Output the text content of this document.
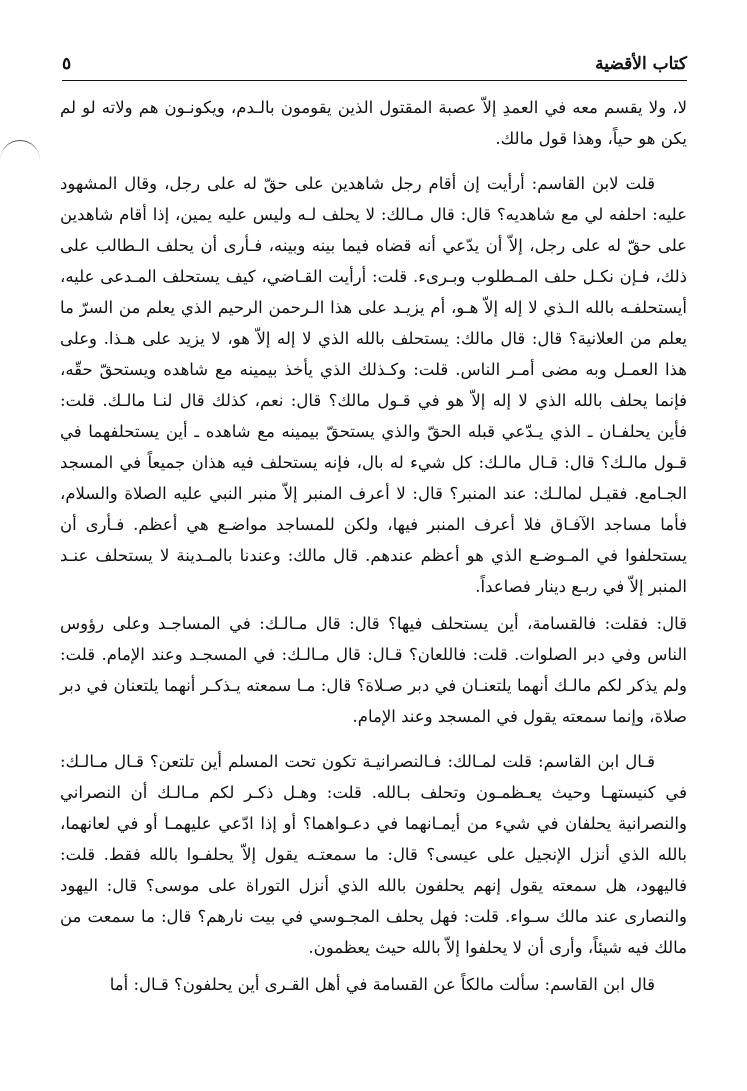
كتاب الأقضية
٥

لا، ولا يقسم معه في العمدِ إلاّ عصبة المقتول الذين يقومون بالـدم، ويكونـون هم ولاته لو لم يكن هو حياً، وهذا قول مالك.

قلت لابن القاسم: أرأيت إن أقام رجل شاهدين على حقّ له على رجل، وقال المشهود عليه: احلفه لي مع شاهديه؟ قال: قال مـالك: لا يحلف لـه وليس عليه يمين، إذا أقام شاهدين على حقّ له على رجل، إلاّ أن يدّعي أنه قضاه فيما بينه وبينه، فـأرى أن يحلف الـطالب على ذلك، فـإن نكـل حلف المـطلوب وبـرىء. قلت: أرأيت القـاضي، كيف يستحلف المـدعى عليه، أيستحلفـه بالله الـذي لا إله إلاّ هـو، أم يزيـد على هذا الـرحمن الرحيم الذي يعلم من السرّ ما يعلم من العلانية؟ قال: قال مالك: يستحلف بالله الذي لا إله إلاّ هو، لا يزيد على هـذا. وعلى هذا العمـل وبه مضى أمـر الناس. قلت: وكـذلك الذي يأخذ بيمينه مع شاهده ويستحقّ حقّه، فإنما يحلف بالله الذي لا إله إلاّ هو في قـول مالك؟ قال: نعم، كذلك قال لنـا مالـك. قلت: فأين يحلفـان ـ الذي يـدّعي قبله الحقّ والذي يستحقّ بيمينه مع شاهده ـ أين يستحلفهما في قـول مالـك؟ قال: قـال مالـك: كل شيء له بال، فإنه يستحلف فيه هذان جميعاً في المسجد الجـامع. فقيـل لمالـك: عند المنبر؟ قال: لا أعرف المنبر إلاّ منبر النبي عليه الصلاة والسلام، فأما مساجد الآفـاق فلا أعرف المنبر فيها، ولكن للمساجد مواضـع هي أعظم. فـأرى أن يستحلفوا في المـوضـع الذي هو أعظم عندهم. قال مالك: وعندنا بالمـدينة لا يستحلف عنـد المنبر إلاّ في ربـع دينار فصاعداً.

قال: فقلت: فالقسامة، أين يستحلف فيها؟ قال: قال مـالـك: في المساجـد وعلى رؤوس الناس وفي دبر الصلوات. قلت: فاللعان؟ قـال: قال مـالـك: في المسجـد وعند الإمام. قلت: ولم يذكر لكم مالـك أنهما يلتعنـان في دبر صـلاة؟ قال: مـا سمعته يـذكـر أنهما يلتعنان في دبر صلاة، وإنما سمعته يقول في المسجد وعند الإمام.

قـال ابن القاسم: قلت لمـالك: فـالنصرانيـة تكون تحت المسلم أين تلتعن؟ قـال مـالـك: في كنيستهـا وحيث يعـظمـون وتحلف بـالله. قلت: وهـل ذكـر لكم مـالـك أن النصراني والنصرانية يحلفان في شيء من أيمـانهما في دعـواهما؟ أو إذا ادّعي عليهمـا أو في لعانهما، بالله الذي أنزل الإنجيل على عيسى؟ قال: ما سمعتـه يقول إلاّ يحلفـوا بالله فقط. قلت: فاليهود، هل سمعته يقول إنهم يحلفون بالله الذي أنزل التوراة على موسى؟ قال: اليهود والنصارى عند مالك سـواء. قلت: فهل يحلف المجـوسي في بيت نارهم؟ قال: ما سمعت من مالك فيه شيئاً، وأرى أن لا يحلفوا إلاّ بالله حيث يعظمون.

قال ابن القاسم: سألت مالكاً عن القسامة في أهل القـرى أين يحلفون؟ قـال: أما
